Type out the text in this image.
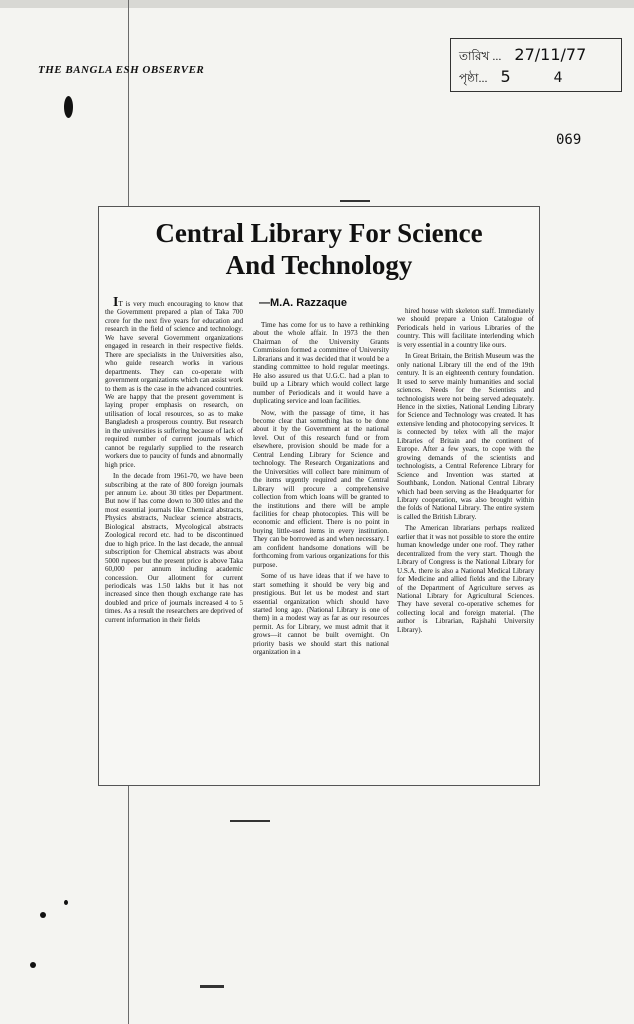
THE BANGLA ESH OBSERVER
তারিখ ... 27/11/77
পৃষ্ঠা... 5	4
069
Central Library For Science
And Technology

IT is very much encouraging to know that the Government prepared a plan of Taka 700 crore for the next five years for education and research in the field of science and technology. We have several Government organizations engaged in research in their respective fields. There are specialists in the Universities also, who guide research works in various departments. They can co-operate with government organizations which can assist work to them as is the case in the advanced countries. We are happy that the present government is laying proper emphasis on research, on utilisation of local resources, so as to make Bangladesh a prosperous country. But research in the universities is suffering because of lack of required number of current journals which cannot be regularly supplied to the research workers due to paucity of funds and abnormally high price.

In the decade from 1961-70, we have been subscribing at the rate of 800 foreign journals per annum i.e. about 30 titles per Department. But now if has come down to 300 titles and the most essential journals like Chemical abstracts, Physics abstracts, Nuclear science abstracts, Biological abstracts, Mycological abstracts Zoological record etc. had to be discontinued due to high price. In the last decade, the annual subscription for Chemical abstracts was about 5000 rupees but the present price is above Taka 60,000 per annum including academic concession. Our allotment for current periodicals was 1.50 lakhs but it has not increased since then though exchange rate has doubled and price of journals increased 4 to 5 times. As a result the researchers are deprived of current information in their fields

—M.A. Razzaque

Time has come for us to have a rethinking about the whole affair. In 1973 the then Chairman of the University Grants Commission formed a committee of University Librarians and it was decided that it would be a standing committee to hold regular meetings. He also assured us that U.G.C. had a plan to build up a Library which would collect large number of Periodicals and it would have a duplicating service and loan facilities.

Now, with the passage of time, it has become clear that something has to be done about it by the Government at the national level. Out of this research fund or from elsewhere, provision should be made for a Central Lending Library for Science and technology. The Research Organizations and the Universities will collect bare minimum of the items urgently required and the Central Library will procure a comprehensive collection from which loans will be granted to the institutions and there will be ample facilities for cheap photocopies. This will be economic and efficient. There is no point in buying little-used items in every institution. They can be borrowed as and when necessary. I am confident handsome donations will be forthcoming from various organizations for this purpose.

Some of us have ideas that if we have to start something it should be very big and prestigious. But let us be modest and start essential organization which should have started long ago. (National Library is one of them) in a modest way as far as our resources permit. As for Library, we must admit that it grows—it cannot be built overnight. On priority basis we should start this national organization in a

hired house with skeleton staff. Immediately we should prepare a Union Catalogue of Periodicals held in various Libraries of the country. This will facilitate interlending which is very essential in a country like ours.

In Great Britain, the British Museum was the only national Library till the end of the 19th century. It is an eighteenth century foundation. It used to serve mainly humanities and social sciences. Needs for the Scientists and technologists were not being served adequately. Hence in the sixties, National Lending Library for Science and Technology was created. It has extensive lending and photocopying services. It is connected by telex with all the major Libraries of Britain and the continent of Europe. After a few years, to cope with the growing demands of the scientists and technologists, a Central Reference Library for Science and Invention was started at Southbank, London. National Central Library which had been serving as the Headquarter for Library cooperation, was also brought within the folds of National Library. The entire system is called the British Library.

The American librarians perhaps realized earlier that it was not possible to store the entire human knowledge under one roof. They rather decentralized from the very start. Though the Library of Congress is the National Library for U.S.A. there is also a National Medical Library for Medicine and allied fields and the Library of the Department of Agriculture serves as National Library for Agricultural Sciences. They have several co-operative schemes for collecting local and foreign material. (The author is Librarian, Rajshahi University Library).
